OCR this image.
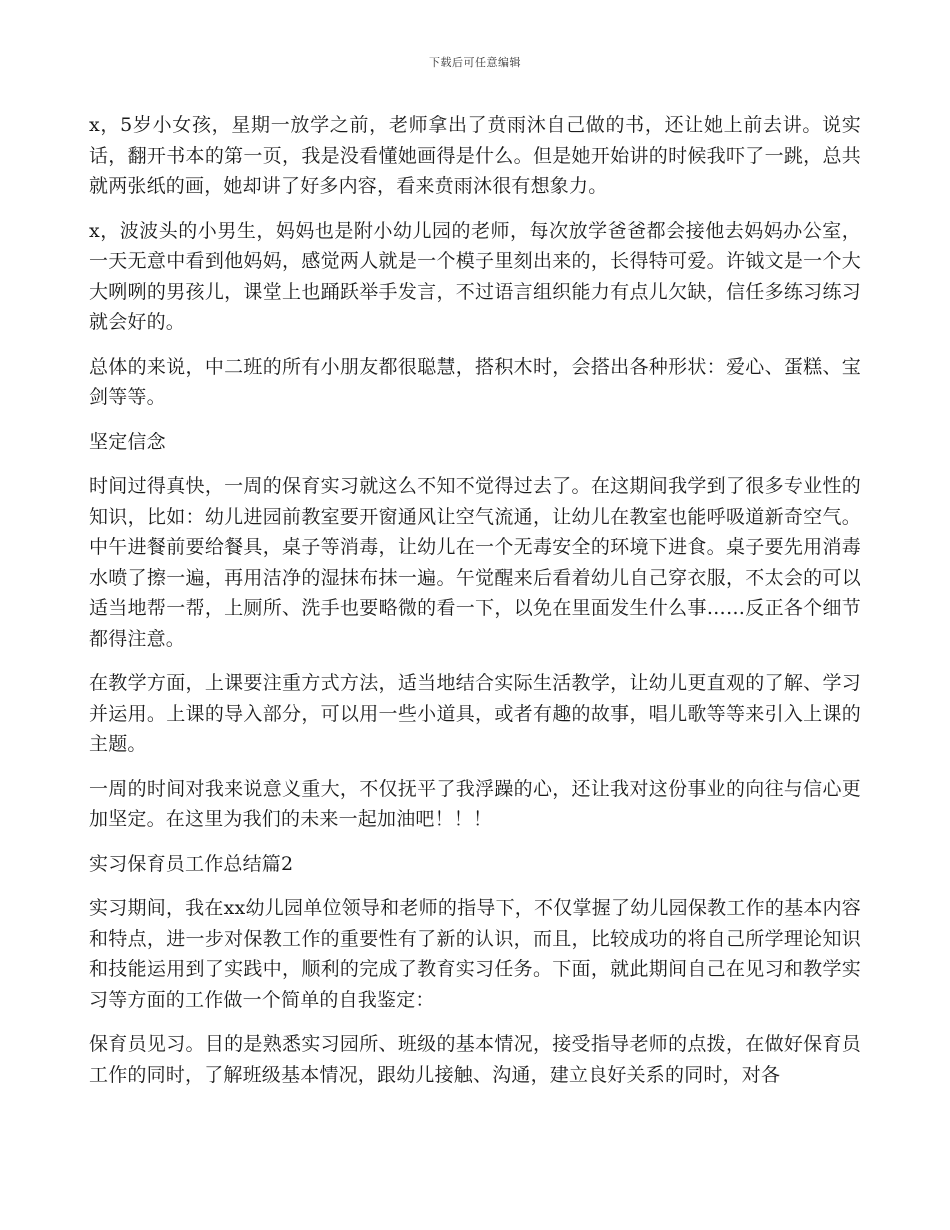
下载后可任意编辑

x，5岁小女孩，星期一放学之前，老师拿出了贲雨沐自己做的书，还让她上前去讲。说实话，翻开书本的第一页，我是没看懂她画得是什么。但是她开始讲的时候我吓了一跳，总共就两张纸的画，她却讲了好多内容，看来贲雨沐很有想象力。

x，波波头的小男生，妈妈也是附小幼儿园的老师，每次放学爸爸都会接他去妈妈办公室，一天无意中看到他妈妈，感觉两人就是一个模子里刻出来的，长得特可爱。许钺文是一个大大咧咧的男孩儿，课堂上也踊跃举手发言，不过语言组织能力有点儿欠缺，信任多练习练习就会好的。

总体的来说，中二班的所有小朋友都很聪慧，搭积木时，会搭出各种形状：爱心、蛋糕、宝剑等等。

坚定信念

时间过得真快，一周的保育实习就这么不知不觉得过去了。在这期间我学到了很多专业性的知识，比如：幼儿进园前教室要开窗通风让空气流通，让幼儿在教室也能呼吸道新奇空气。中午进餐前要给餐具，桌子等消毒，让幼儿在一个无毒安全的环境下进食。桌子要先用消毒水喷了擦一遍，再用洁净的湿抹布抹一遍。午觉醒来后看着幼儿自己穿衣服，不太会的可以适当地帮一帮，上厕所、洗手也要略微的看一下，以免在里面发生什么事……反正各个细节都得注意。

在教学方面，上课要注重方式方法，适当地结合实际生活教学，让幼儿更直观的了解、学习并运用。上课的导入部分，可以用一些小道具，或者有趣的故事，唱儿歌等等来引入上课的主题。

一周的时间对我来说意义重大，不仅抚平了我浮躁的心，还让我对这份事业的向往与信心更加坚定。在这里为我们的未来一起加油吧！！！

实习保育员工作总结篇2

实习期间，我在xx幼儿园单位领导和老师的指导下，不仅掌握了幼儿园保教工作的基本内容和特点，进一步对保教工作的重要性有了新的认识，而且，比较成功的将自己所学理论知识和技能运用到了实践中，顺利的完成了教育实习任务。下面，就此期间自己在见习和教学实习等方面的工作做一个简单的自我鉴定：

保育员见习。目的是熟悉实习园所、班级的基本情况，接受指导老师的点拨，在做好保育员工作的同时，了解班级基本情况，跟幼儿接触、沟通，建立良好关系的同时，对各
